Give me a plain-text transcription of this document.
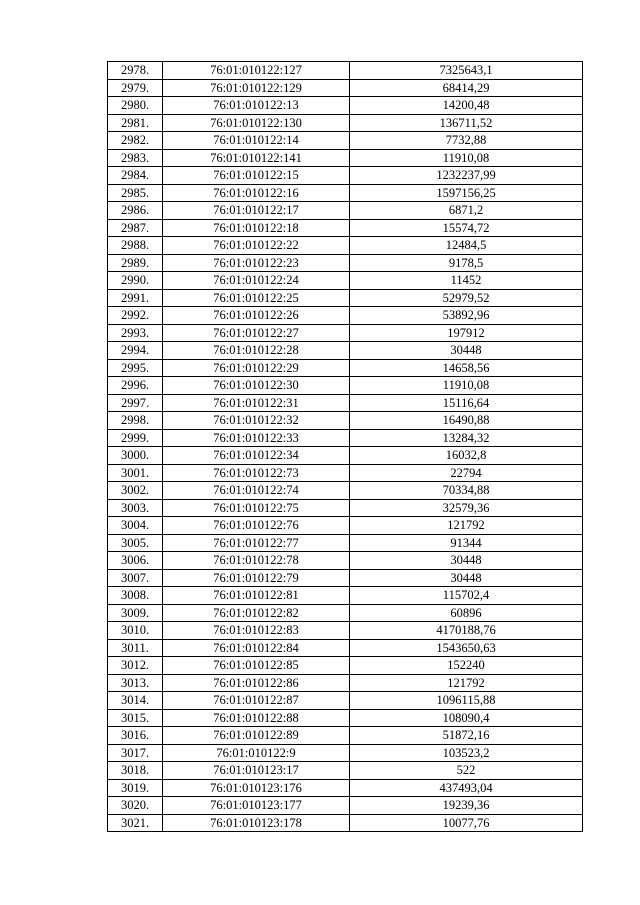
2978.	76:01:010122:127	7325643,1
2979.	76:01:010122:129	68414,29
2980.	76:01:010122:13	14200,48
2981.	76:01:010122:130	136711,52
2982.	76:01:010122:14	7732,88
2983.	76:01:010122:141	11910,08
2984.	76:01:010122:15	1232237,99
2985.	76:01:010122:16	1597156,25
2986.	76:01:010122:17	6871,2
2987.	76:01:010122:18	15574,72
2988.	76:01:010122:22	12484,5
2989.	76:01:010122:23	9178,5
2990.	76:01:010122:24	11452
2991.	76:01:010122:25	52979,52
2992.	76:01:010122:26	53892,96
2993.	76:01:010122:27	197912
2994.	76:01:010122:28	30448
2995.	76:01:010122:29	14658,56
2996.	76:01:010122:30	11910,08
2997.	76:01:010122:31	15116,64
2998.	76:01:010122:32	16490,88
2999.	76:01:010122:33	13284,32
3000.	76:01:010122:34	16032,8
3001.	76:01:010122:73	22794
3002.	76:01:010122:74	70334,88
3003.	76:01:010122:75	32579,36
3004.	76:01:010122:76	121792
3005.	76:01:010122:77	91344
3006.	76:01:010122:78	30448
3007.	76:01:010122:79	30448
3008.	76:01:010122:81	115702,4
3009.	76:01:010122:82	60896
3010.	76:01:010122:83	4170188,76
3011.	76:01:010122:84	1543650,63
3012.	76:01:010122:85	152240
3013.	76:01:010122:86	121792
3014.	76:01:010122:87	1096115,88
3015.	76:01:010122:88	108090,4
3016.	76:01:010122:89	51872,16
3017.	76:01:010122:9	103523,2
3018.	76:01:010123:17	522
3019.	76:01:010123:176	437493,04
3020.	76:01:010123:177	19239,36
3021.	76:01:010123:178	10077,76
